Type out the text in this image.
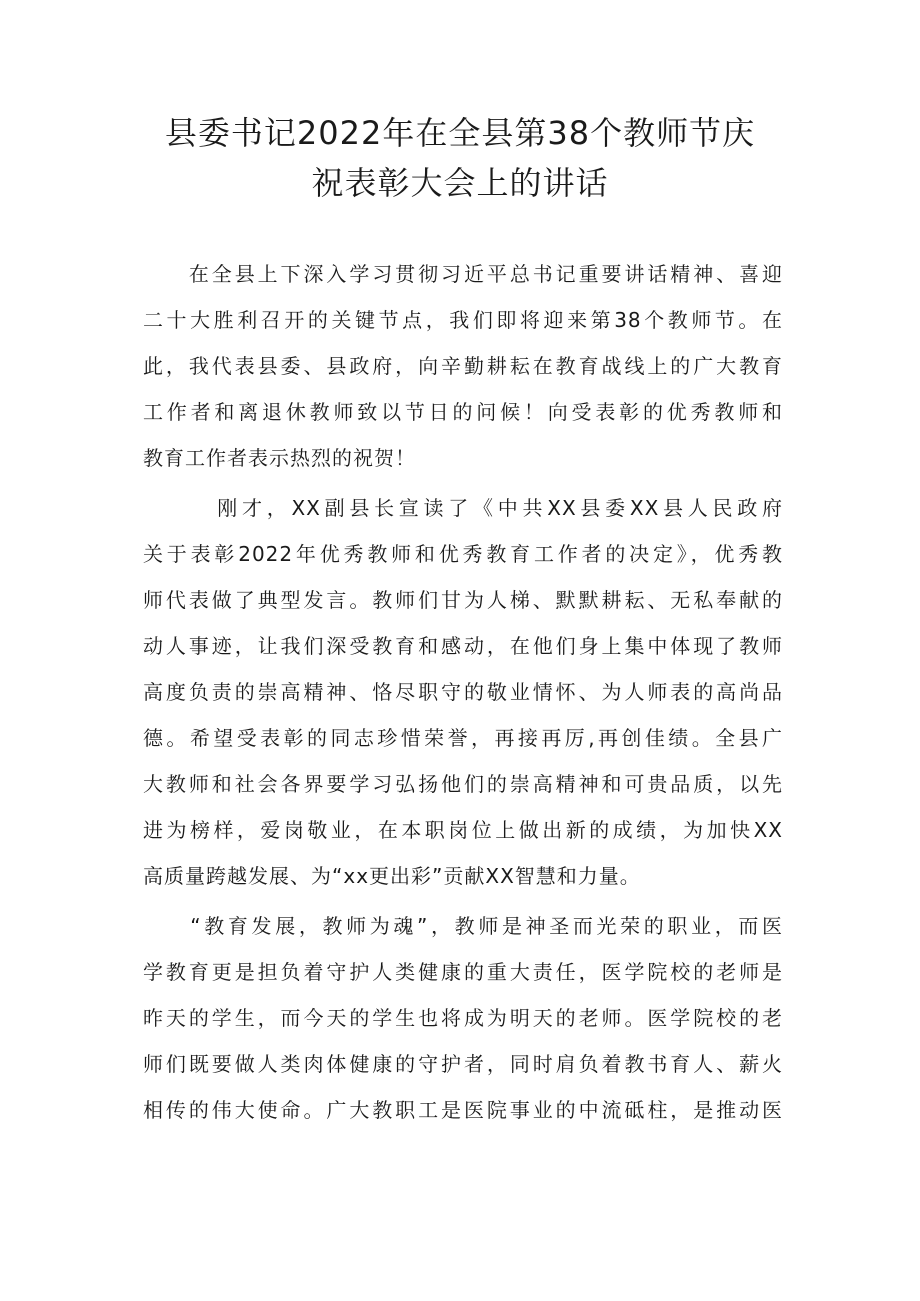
县委书记2022年在全县第38个教师节庆
祝表彰大会上的讲话
　　在全县上下深入学习贯彻习近平总书记重要讲话精神、喜迎
二十大胜利召开的关键节点，我们即将迎来第38个教师节。在
此，我代表县委、县政府，向辛勤耕耘在教育战线上的广大教育
工作者和离退休教师致以节日的问候！向受表彰的优秀教师和
教育工作者表示热烈的祝贺！
　　　刚才，XX副县长宣读了《中共XX县委XX县人民政府
关于表彰2022年优秀教师和优秀教育工作者的决定》，优秀教
师代表做了典型发言。教师们甘为人梯、默默耕耘、无私奉献的
动人事迹，让我们深受教育和感动，在他们身上集中体现了教师
高度负责的崇高精神、恪尽职守的敬业情怀、为人师表的高尚品
德。希望受表彰的同志珍惜荣誉，再接再厉,再创佳绩。全县广
大教师和社会各界要学习弘扬他们的崇高精神和可贵品质，以先
进为榜样，爱岗敬业，在本职岗位上做出新的成绩，为加快XX
高质量跨越发展、为“xx更出彩”贡献XX智慧和力量。
　　“教育发展，教师为魂”，教师是神圣而光荣的职业，而医
学教育更是担负着守护人类健康的重大责任，医学院校的老师是
昨天的学生，而今天的学生也将成为明天的老师。医学院校的老
师们既要做人类肉体健康的守护者，同时肩负着教书育人、薪火
相传的伟大使命。广大教职工是医院事业的中流砥柱，是推动医
